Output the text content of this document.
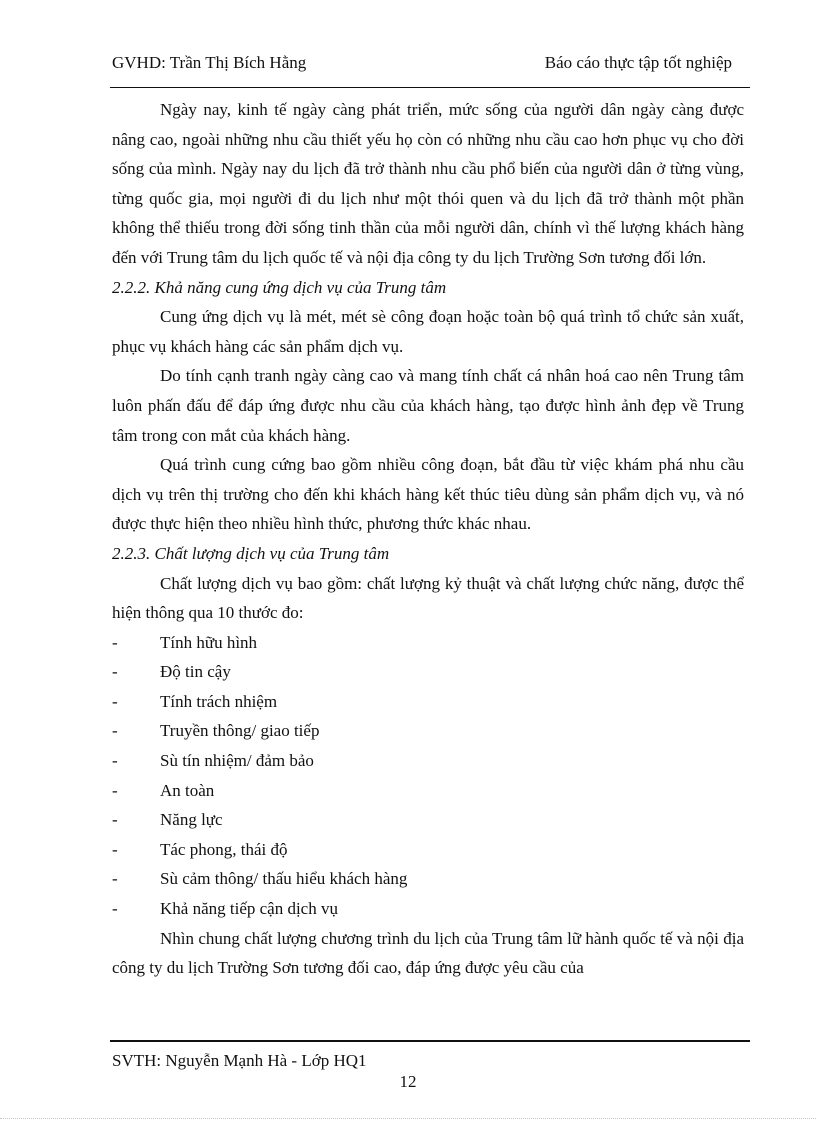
GVHD: Trần Thị Bích Hằng	Báo cáo thực tập tốt nghiệp

Ngày nay, kinh tế ngày càng phát triển, mức sống của người dân ngày càng được nâng cao, ngoài những nhu cầu thiết yếu họ còn có những nhu cầu cao hơn phục vụ cho đời sống của mình. Ngày nay du lịch đã trở thành nhu cầu phổ biến của người dân ở từng vùng, từng quốc gia, mọi người đi du lịch như một thói quen và du lịch đã trở thành một phần không thể thiếu trong đời sống tinh thần của mỗi người dân, chính vì thế lượng khách hàng đến với Trung tâm du lịch quốc tế và nội địa công ty du lịch Trường Sơn tương đối lớn.

2.2.2. Khả năng cung ứng dịch vụ của Trung tâm

Cung ứng dịch vụ là mét, mét sè công đoạn hoặc toàn bộ quá trình tổ chức sản xuất, phục vụ khách hàng các sản phẩm dịch vụ.

Do tính cạnh tranh ngày càng cao và mang tính chất cá nhân hoá cao nên Trung tâm luôn phấn đấu để đáp ứng được nhu cầu của khách hàng, tạo được hình ảnh đẹp về Trung tâm trong con mắt của khách hàng.

Quá trình cung cứng bao gồm nhiều công đoạn, bắt đầu từ việc khám phá nhu cầu dịch vụ trên thị trường cho đến khi khách hàng kết thúc tiêu dùng sản phẩm dịch vụ, và nó được thực hiện theo nhiều hình thức, phương thức khác nhau.

2.2.3. Chất lượng dịch vụ của Trung tâm

Chất lượng dịch vụ bao gồm: chất lượng kỷ thuật và chất lượng chức năng, được thể hiện thông qua 10 thước đo:

- Tính hữu hình
- Độ tin cậy
- Tính trách nhiệm
- Truyền thông/ giao tiếp
- Sù tín nhiệm/ đảm bảo
- An toàn
- Năng lực
- Tác phong, thái độ
- Sù cảm thông/ thấu hiểu khách hàng
- Khả năng tiếp cận dịch vụ

Nhìn chung chất lượng chương trình du lịch của Trung tâm lữ hành quốc tế và nội địa công ty du lịch Trường Sơn tương đối cao, đáp ứng được yêu cầu của

SVTH: Nguyễn Mạnh Hà - Lớp HQ1
12
